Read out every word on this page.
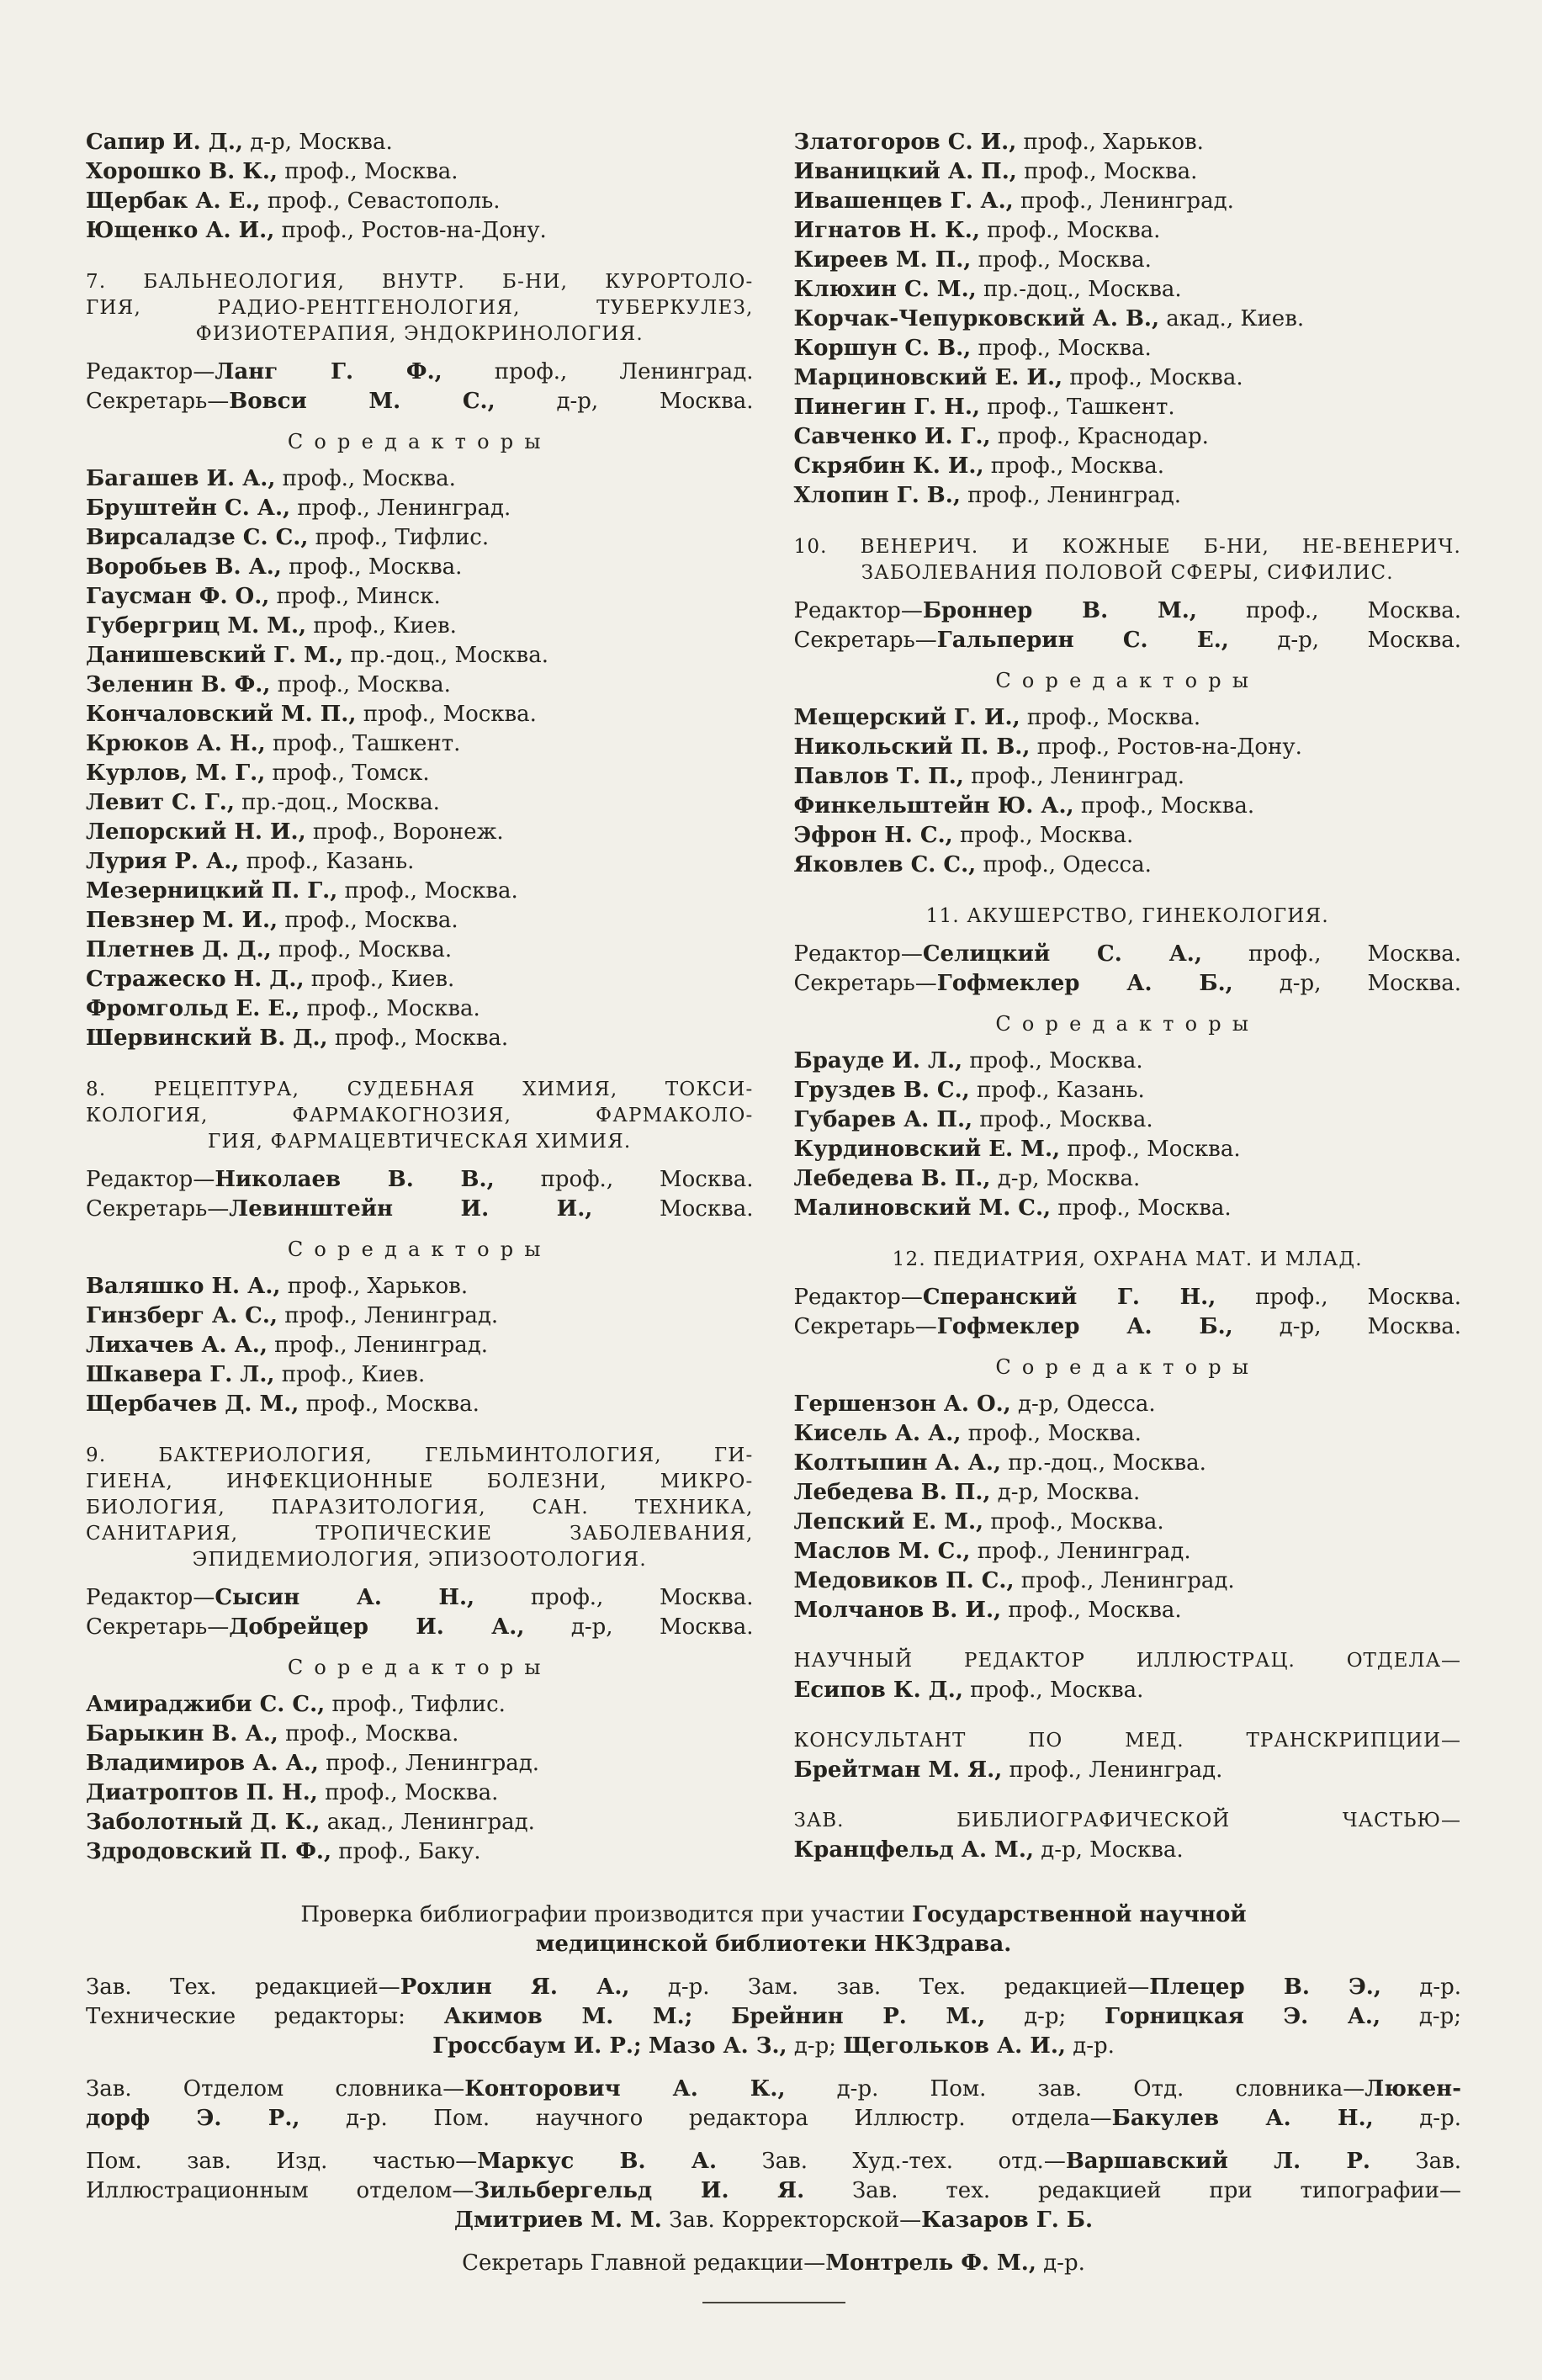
Сапир И. Д., д-р, Москва.
Хорошко В. К., проф., Москва.
Щербак А. Е., проф., Севастополь.
Ющенко А. И., проф., Ростов-на-Дону.
7. БАЛЬНЕОЛОГИЯ, ВНУТР. Б-НИ, КУРОРТОЛО-
ГИЯ, РАДИО-РЕНТГЕНОЛОГИЯ, ТУБЕРКУЛЕЗ,
ФИЗИОТЕРАПИЯ, ЭНДОКРИНОЛОГИЯ.
Редактор—Ланг Г. Ф., проф., Ленинград.
Секретарь—Вовси М. С.,	д-р, Москва.
Соредакторы
Багашев И. А., проф., Москва.
Бруштейн С. А., проф., Ленинград.
Вирсаладзе С. С., проф., Тифлис.
Воробьев В. А., проф., Москва.
Гаусман Ф. О., проф., Минск.
Губергриц М. М., проф., Киев.
Данишевский Г. М., пр.-доц., Москва.
Зеленин В. Ф., проф., Москва.
Кончаловский М. П., проф., Москва.
Крюков А. Н., проф., Ташкент.
Курлов, М. Г., проф., Томск.
Левит С. Г., пр.-доц., Москва.
Лепорский Н. И., проф., Воронеж.
Лурия Р. А., проф., Казань.
Мезерницкий П. Г., проф., Москва.
Певзнер М. И., проф., Москва.
Плетнев Д. Д., проф., Москва.
Стражеско Н. Д., проф., Киев.
Фромгольд Е. Е., проф., Москва.
Шервинский В. Д., проф., Москва.
8. РЕЦЕПТУРА, СУДЕБНАЯ ХИМИЯ, ТОКСИ-
КОЛОГИЯ, ФАРМАКОГНОЗИЯ, ФАРМАКОЛО-
ГИЯ, ФАРМАЦЕВТИЧЕСКАЯ ХИМИЯ.
Редактор—Николаев В. В., проф., Москва.
Секретарь—Левинштейн И. И.,	Москва.
Соредакторы
Валяшко Н. А., проф., Харьков.
Гинзберг А. С., проф., Ленинград.
Лихачев А. А., проф., Ленинград.
Шкавера Г. Л., проф., Киев.
Щербачев Д. М., проф., Москва.
9. БАКТЕРИОЛОГИЯ, ГЕЛЬМИНТОЛОГИЯ, ГИ-
ГИЕНА, ИНФЕКЦИОННЫЕ БОЛЕЗНИ, МИКРО-
БИОЛОГИЯ, ПАРАЗИТОЛОГИЯ, САН. ТЕХНИКА,
САНИТАРИЯ, ТРОПИЧЕСКИЕ ЗАБОЛЕВАНИЯ,
ЭПИДЕМИОЛОГИЯ, ЭПИЗООТОЛОГИЯ.
Редактор—Сысин А. Н.,	проф., Москва.
Секретарь—Добрейцер И. А., д-р, Москва.
Соредакторы
Амираджиби С. С., проф., Тифлис.
Барыкин В. А., проф., Москва.
Владимиров А. А., проф., Ленинград.
Диатроптов П. Н., проф., Москва.
Заболотный Д. К., акад., Ленинград.
Здродовский П. Ф., проф., Баку.
Златогоров С. И., проф., Харьков.
Иваницкий А. П., проф., Москва.
Ивашенцев Г. А., проф., Ленинград.
Игнатов Н. К., проф., Москва.
Киреев М. П., проф., Москва.
Клюхин С. М., пр.-доц., Москва.
Корчак-Чепурковский А. В., акад., Киев.
Коршун С. В., проф., Москва.
Марциновский Е. И., проф., Москва.
Пинегин Г. Н., проф., Ташкент.
Савченко И. Г., проф., Краснодар.
Скрябин К. И., проф., Москва.
Хлопин Г. В., проф., Ленинград.
10. ВЕНЕРИЧ. И КОЖНЫЕ Б-НИ, НЕ-ВЕНЕРИЧ.
ЗАБОЛЕВАНИЯ ПОЛОВОЙ СФЕРЫ, СИФИЛИС.
Редактор—Броннер В. М., проф., Москва.
Секретарь—Гальперин С. Е., д-р, Москва.
Соредакторы
Мещерский Г. И., проф., Москва.
Никольский П. В., проф., Ростов-на-Дону.
Павлов Т. П., проф., Ленинград.
Финкельштейн Ю. А., проф., Москва.
Эфрон Н. С., проф., Москва.
Яковлев С. С., проф., Одесса.
11. АКУШЕРСТВО, ГИНЕКОЛОГИЯ.
Редактор—Селицкий С. А., проф., Москва.
Секретарь—Гофмеклер А. Б., д-р, Москва.
Соредакторы
Брауде И. Л., проф., Москва.
Груздев В. С., проф., Казань.
Губарев А. П., проф., Москва.
Курдиновский Е. М., проф., Москва.
Лебедева В. П., д-р, Москва.
Малиновский М. С., проф., Москва.
12. ПЕДИАТРИЯ, ОХРАНА МАТ. И МЛАД.
Редактор—Сперанский Г. Н., проф., Москва.
Секретарь—Гофмеклер А. Б., д-р, Москва.
Соредакторы
Гершензон А. О., д-р, Одесса.
Кисель А. А., проф., Москва.
Колтыпин А. А., пр.-доц., Москва.
Лебедева В. П., д-р, Москва.
Лепский Е. М., проф., Москва.
Маслов М. С., проф., Ленинград.
Медовиков П. С., проф., Ленинград.
Молчанов В. И., проф., Москва.
НАУЧНЫЙ РЕДАКТОР ИЛЛЮСТРАЦ. ОТДЕЛА—
Есипов К. Д., проф., Москва.
КОНСУЛЬТАНТ ПО МЕД. ТРАНСКРИПЦИИ—
Брейтман М. Я., проф., Ленинград.
ЗАВ. БИБЛИОГРАФИЧЕСКОЙ ЧАСТЬЮ—
Кранцфельд А. М., д-р, Москва.
Проверка библиографии производится при участии Государственной научной
медицинской библиотеки НКЗдрава.
Зав. Тех. редакцией—Рохлин Я. А., д-р. Зам. зав. Тех. редакцией—Плецер В. Э., д-р.
Технические редакторы: Акимов М. М.; Брейнин Р. М., д-р; Горницкая Э. А., д-р;
Гроссбаум И. Р.; Мазо А. З., д-р; Щегольков А. И., д-р.
Зав. Отделом словника—Конторович А. К., д-р. Пом. зав. Отд. словника—Люкен-
дорф Э. Р., д-р. Пом. научного редактора Иллюстр. отдела—Бакулев А. Н., д-р.
Пом. зав. Изд. частью—Маркус В. А. Зав. Худ.-тех. отд.—Варшавский Л. Р. Зав.
Иллюстрационным отделом—Зильбергельд И. Я. Зав. тех. редакцией при типографии—
Дмитриев М. М. Зав. Корректорской—Казаров Г. Б.
Секретарь Главной редакции—Монтрель Ф. М., д-р.
